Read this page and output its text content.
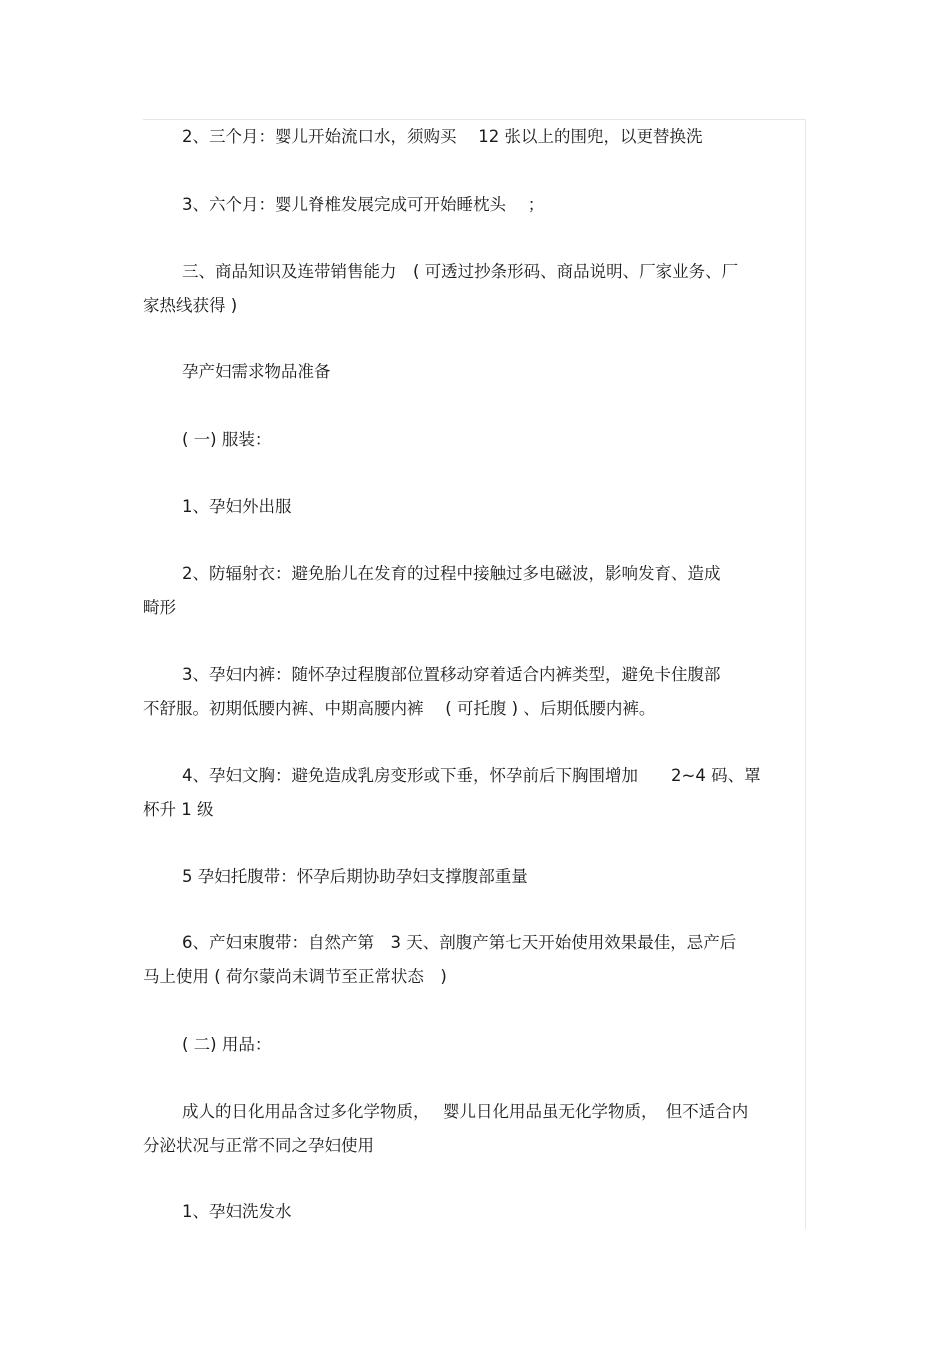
2、三个月：婴儿开始流口水，须购买　 12 张以上的围兜，以更替换洗

3、六个月：婴儿脊椎发展完成可开始睡枕头　 ；

三、商品知识及连带销售能力　( 可透过抄条形码、商品说明、厂家业务、厂
家热线获得 )

孕产妇需求物品准备

( 一) 服装：

1、孕妇外出服

2、防辐射衣：避免胎儿在发育的过程中接触过多电磁波，影响发育、造成
畸形

3、孕妇内裤：随怀孕过程腹部位置移动穿着适合内裤类型，避免卡住腹部
不舒服。初期低腰内裤、中期高腰内裤　 ( 可托腹 ) 、后期低腰内裤。

4、孕妇文胸：避免造成乳房变形或下垂，怀孕前后下胸围增加　　2~4 码、罩
杯升 1 级

5 孕妇托腹带：怀孕后期协助孕妇支撑腹部重量

6、产妇束腹带：自然产第　3 天、剖腹产第七天开始使用效果最佳，忌产后
马上使用 ( 荷尔蒙尚未调节至正常状态　)

( 二) 用品：

成人的日化用品含过多化学物质，　 婴儿日化用品虽无化学物质，　但不适合内
分泌状况与正常不同之孕妇使用

1、孕妇洗发水
